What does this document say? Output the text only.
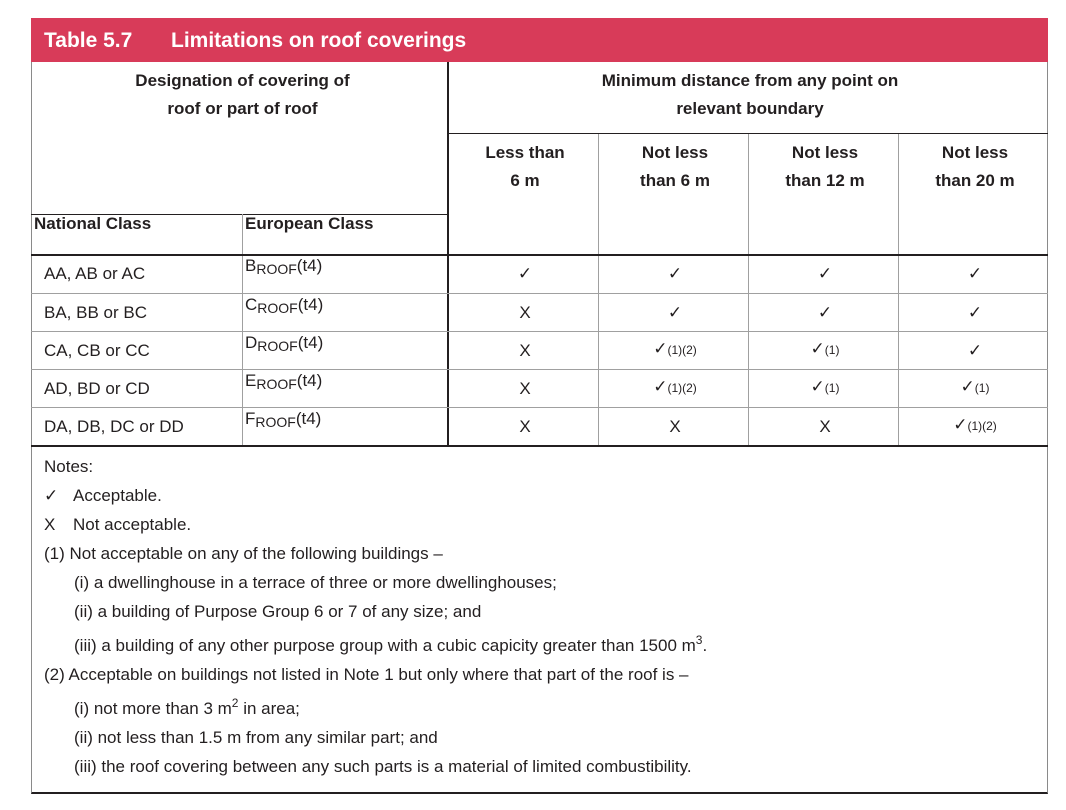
Table 5.7 Limitations on roof coverings
Designation of covering of
roof or part of roof
Minimum distance from any point on
relevant boundary
Less than
6 m
Not less
than 6 m
Not less
than 12 m
Not less
than 20 m
National Class	European Class
AA, AB or AC	$B_{ROOF}(t4)$	✓	✓	✓	✓
BA, BB or BC	$C_{ROOF}(t4)$	X	✓	✓	✓
CA, CB or CC	$D_{ROOF}(t4)$	X	✓(1)(2)	✓(1)	✓
AD, BD or CD	$E_{ROOF}(t4)$	X	✓(1)(2)	✓(1)	✓(1)
DA, DB, DC or DD	$F_{ROOF}(t4)$	X	X	X	✓(1)(2)
Notes:
✓ Acceptable.
X	Not acceptable.
(1) Not acceptable on any of the following buildings –
(i) a dwellinghouse in a terrace of three or more dwellinghouses;
(ii) a building of Purpose Group 6 or 7 of any size; and
(iii) a building of any other purpose group with a cubic capicity greater than 1500 $m^3$.
(2) Acceptable on buildings not listed in Note 1 but only where that part of the roof is –
(i) not more than 3 $m^2$ in area;
(ii) not less than 1.5 m from any similar part; and
(iii) the roof covering between any such parts is a material of limited combustibility.
